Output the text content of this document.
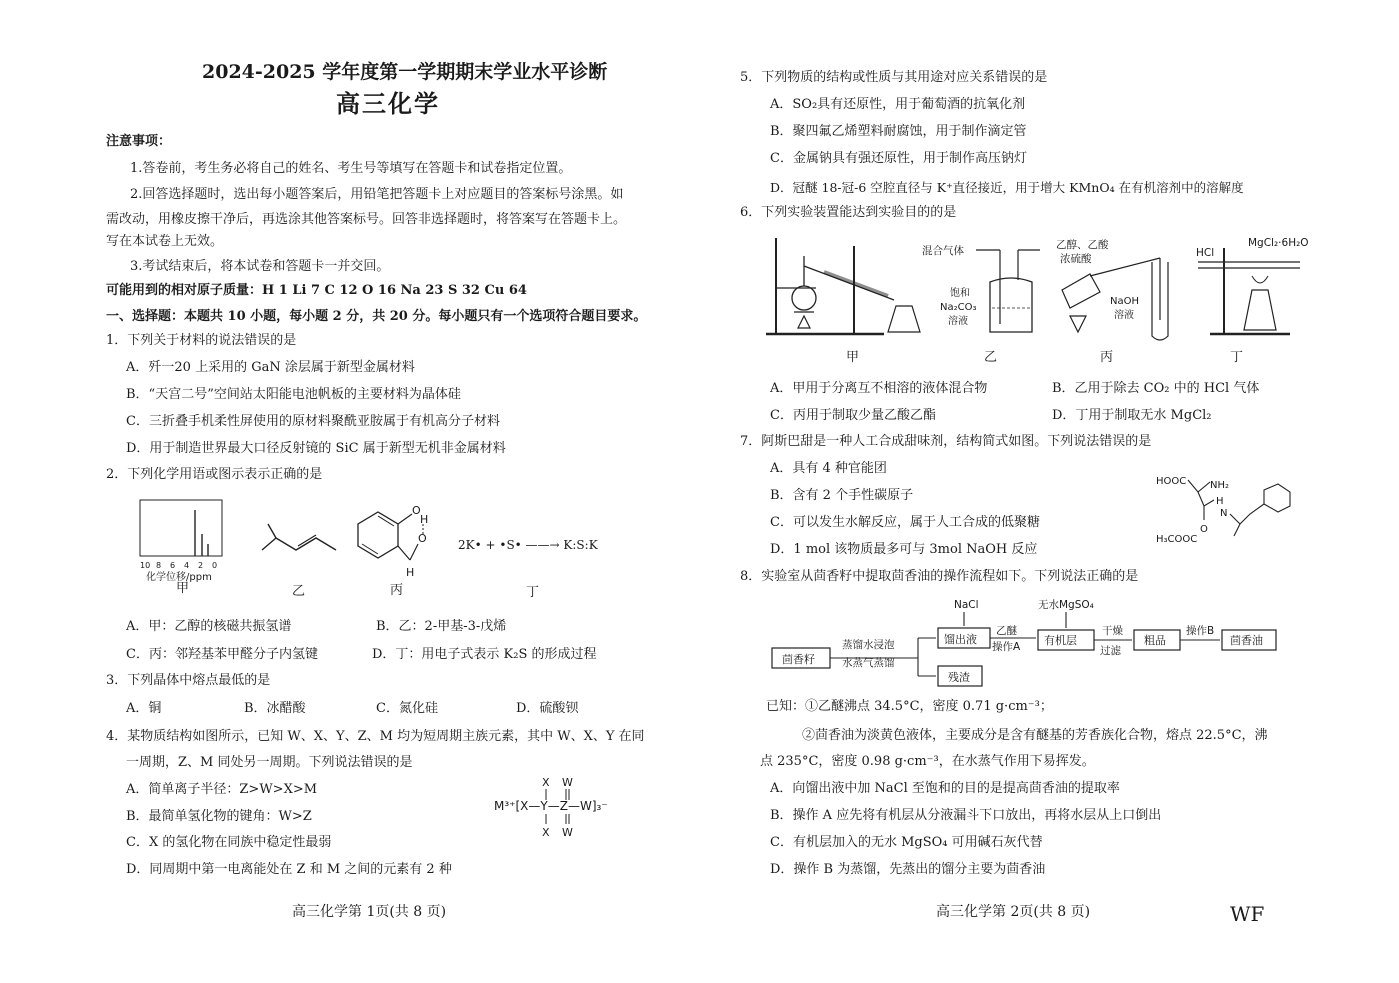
2024-2025 学年度第一学期期末学业水平诊断
高三化学
注意事项：
1.答卷前，考生务必将自己的姓名、考生号等填写在答题卡和试卷指定位置。
2.回答选择题时，选出每小题答案后，用铅笔把答题卡上对应题目的答案标号涂黑。如
需改动，用橡皮擦干净后，再选涂其他答案标号。回答非选择题时，将答案写在答题卡上。
写在本试卷上无效。
3.考试结束后，将本试卷和答题卡一并交回。
可能用到的相对原子质量：H 1 Li 7 C 12 O 16 Na 23 S 32 Cu 64
一、选择题：本题共 10 小题，每小题 2 分，共 20 分。每小题只有一个选项符合题目要求。
1．下列关于材料的说法错误的是
A．歼一20 上采用的 GaN 涂层属于新型金属材料
B．“天宫二号”空间站太阳能电池帆板的主要材料为晶体硅
C．三折叠手机柔性屏使用的原材料聚酰亚胺属于有机高分子材料
D．用于制造世界最大口径反射镜的 SiC 属于新型无机非金属材料
2．下列化学用语或图示表示正确的是
10 8 6 4 2 0
化学位移/ppm
甲	乙
O
H
O
H
丙
2K• + •S• ——→ K:S:K
丁
A．甲：乙醇的核磁共振氢谱	B．乙：2-甲基-3-戊烯
C．丙：邻羟基苯甲醛分子内氢键	D．丁：用电子式表示 K₂S 的形成过程
3．下列晶体中熔点最低的是
A．铜	B．冰醋酸	C．氮化硅	D．硫酸钡
4．某物质结构如图所示，已知 W、X、Y、Z、M 均为短周期主族元素，其中 W、X、Y 在同
一周期，Z、M 同处另一周期。下列说法错误的是
A．简单离子半径：Z>W>X>M
B．最简单氢化物的键角：W>Z
C．X 的氢化物在同族中稳定性最弱
D．同周期中第一电离能处在 Z 和 M 之间的元素有 2 种
X W
M³⁺[X—Y—Z—W]₃⁻
X W
高三化学第 1页(共 8 页)
5．下列物质的结构或性质与其用途对应关系错误的是
A．SO₂具有还原性，用于葡萄酒的抗氧化剂
B．聚四氟乙烯塑料耐腐蚀，用于制作滴定管
C．金属钠具有强还原性，用于制作高压钠灯
D．冠醚 18-冠-6 空腔直径与 K⁺直径接近，用于增大 KMnO₄ 在有机溶剂中的溶解度
6．下列实验装置能达到实验目的的是
甲
混合气体
饱和
Na₂CO₃
溶液
乙
乙醇、乙酸
浓硫酸
NaOH
溶液
丙
HCl
MgCl₂·6H₂O
丁
A．甲用于分离互不相溶的液体混合物	B．乙用于除去 CO₂ 中的 HCl 气体
C．丙用于制取少量乙酸乙酯	D．丁用于制取无水 MgCl₂
7．阿斯巴甜是一种人工合成甜味剂，结构简式如图。下列说法错误的是
A．具有 4 种官能团
B．含有 2 个手性碳原子
C．可以发生水解反应，属于人工合成的低聚糖
D．1 mol 该物质最多可与 3mol NaOH 反应
HOOC NH₂
H
N
O
H₃COOC
8．实验室从茴香籽中提取茴香油的操作流程如下。下列说法正确的是
茴香籽
蒸馏水浸泡
水蒸气蒸馏
馏出液
残渣
NaCl
乙醚
操作A
无水MgSO₄
有机层
干燥
过滤
粗品
操作B
茴香油
已知：①乙醚沸点 34.5°C，密度 0.71 g·cm⁻³；
②茴香油为淡黄色液体，主要成分是含有醚基的芳香族化合物，熔点 22.5°C，沸
点 235°C，密度 0.98 g·cm⁻³，在水蒸气作用下易挥发。
A．向馏出液中加 NaCl 至饱和的目的是提高茴香油的提取率
B．操作 A 应先将有机层从分液漏斗下口放出，再将水层从上口倒出
C．有机层加入的无水 MgSO₄ 可用碱石灰代替
D．操作 B 为蒸馏，先蒸出的馏分主要为茴香油
高三化学第 2页(共 8 页)	WF
